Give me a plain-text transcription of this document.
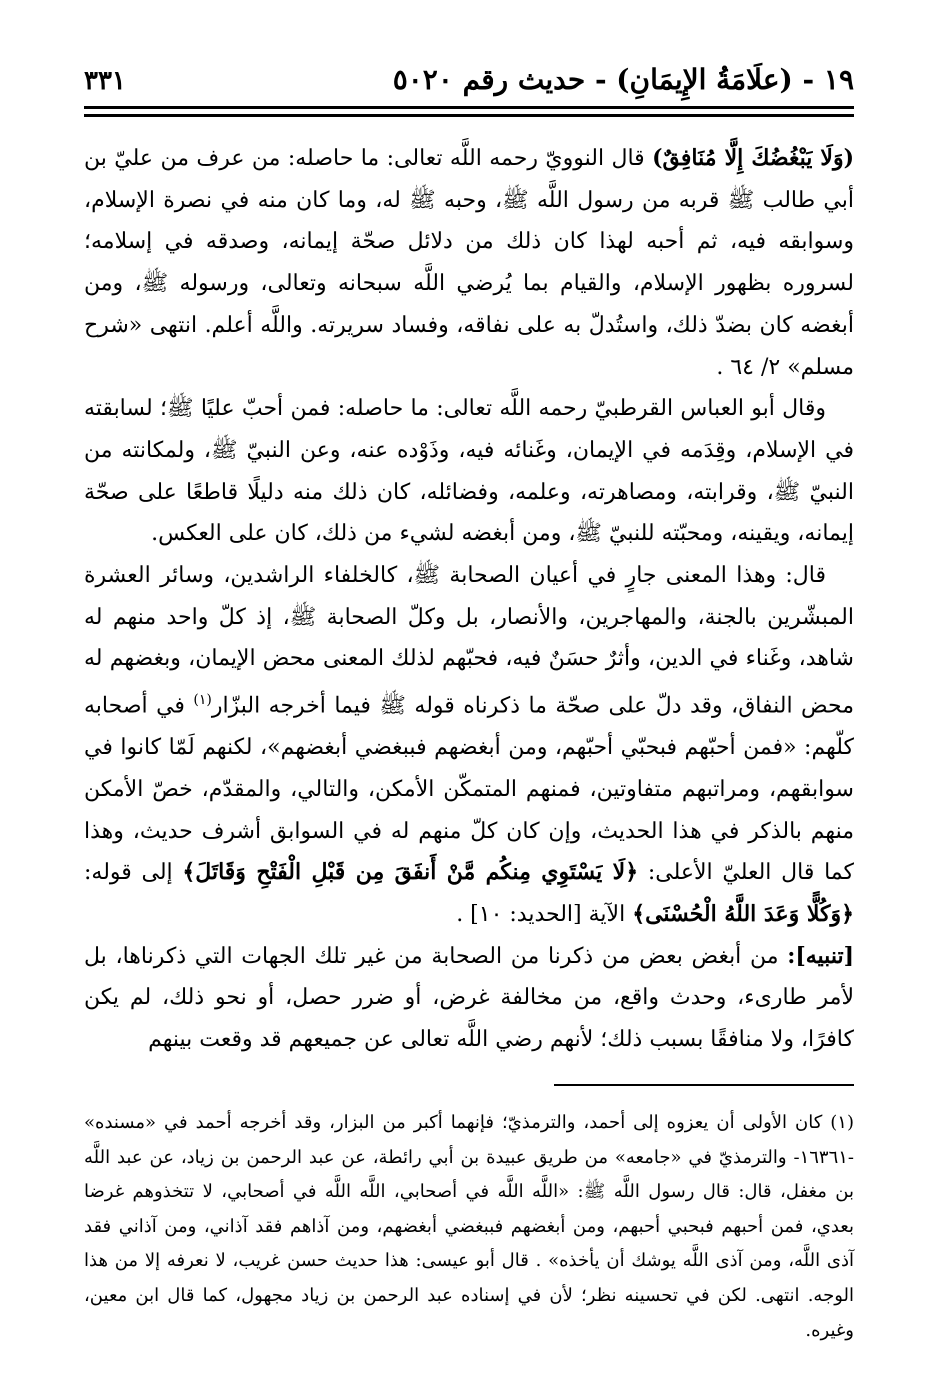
١٩ - (علَامَةُ الإِيمَانِ) - حديث رقم ٥٠٢٠
٣٣١

(وَلَا يَبْغُضُكَ إِلَّا مُنَافِقٌ) قال النوويّ رحمه اللَّه تعالى: ما حاصله: من عرف من عليّ بن أبي طالب ﷺ قربه من رسول اللَّه ﷺ، وحبه ﷺ له، وما كان منه في نصرة الإسلام، وسوابقه فيه، ثم أحبه لهذا كان ذلك من دلائل صحّة إيمانه، وصدقه في إسلامه؛ لسروره بظهور الإسلام، والقيام بما يُرضي اللَّه سبحانه وتعالى، ورسوله ﷺ، ومن أبغضه كان بضدّ ذلك، واستُدلّ به على نفاقه، وفساد سريرته. واللَّه أعلم. انتهى «شرح مسلم» ٢/ ٦٤ .

وقال أبو العباس القرطبيّ رحمه اللَّه تعالى: ما حاصله: فمن أحبّ عليًا ﷺ؛ لسابقته في الإسلام، وقِدَمه في الإيمان، وغَنائه فيه، وذَوْده عنه، وعن النبيّ ﷺ، ولمكانته من النبيّ ﷺ، وقرابته، ومصاهرته، وعلمه، وفضائله، كان ذلك منه دليلًا قاطعًا على صحّة إيمانه، ويقينه، ومحبّته للنبيّ ﷺ، ومن أبغضه لشيء من ذلك، كان على العكس.

قال: وهذا المعنى جارٍ في أعيان الصحابة ﷺ، كالخلفاء الراشدين، وسائر العشرة المبشّرين بالجنة، والمهاجرين، والأنصار، بل وكلّ الصحابة ﷺ، إذ كلّ واحد منهم له شاهد، وغَناء في الدين، وأثرٌ حسَنٌ فيه، فحبّهم لذلك المعنى محض الإيمان، وبغضهم له محض النفاق، وقد دلّ على صحّة ما ذكرناه قوله ﷺ فيما أخرجه البزّار$^{(١)}$ في أصحابه كلّهم: «فمن أحبّهم فبحبّي أحبّهم، ومن أبغضهم فببغضي أبغضهم»، لكنهم لَمّا كانوا في سوابقهم، ومراتبهم متفاوتين، فمنهم المتمكّن الأمكن، والتالي، والمقدّم، خصّ الأمكن منهم بالذكر في هذا الحديث، وإن كان كلّ منهم له في السوابق أشرف حديث، وهذا كما قال العليّ الأعلى: ﴿لَا يَسْتَوِي مِنكُم مَّنْ أَنفَقَ مِن قَبْلِ الْفَتْحِ وَقَاتَلَ﴾ إلى قوله: ﴿وَكُلًّا وَعَدَ اللَّهُ الْحُسْنَى﴾ الآية [الحديد: ١٠] .

[تنبيه]: من أبغض بعض من ذكرنا من الصحابة من غير تلك الجهات التي ذكرناها، بل لأمر طارىء، وحدث واقع، من مخالفة غرض، أو ضرر حصل، أو نحو ذلك، لم يكن كافرًا، ولا منافقًا بسبب ذلك؛ لأنهم رضي اللَّه تعالى عن جميعهم قد وقعت بينهم

(١) كان الأولى أن يعزوه إلى أحمد، والترمذيّ؛ فإنهما أكبر من البزار، وقد أخرجه أحمد في «مسنده» -١٦٣٦١- والترمذيّ في «جامعه» من طريق عبيدة بن أبي رائطة، عن عبد الرحمن بن زياد، عن عبد اللَّه بن مغفل، قال: قال رسول اللَّه ﷺ: «اللَّه اللَّه في أصحابي، اللَّه اللَّه في أصحابي، لا تتخذوهم غرضا بعدي، فمن أحبهم فبحبي أحبهم، ومن أبغضهم فببغضي أبغضهم، ومن آذاهم فقد آذاني، ومن آذاني فقد آذى اللَّه، ومن آذى اللَّه يوشك أن يأخذه» . قال أبو عيسى: هذا حديث حسن غريب، لا نعرفه إلا من هذا الوجه. انتهى. لكن في تحسينه نظر؛ لأن في إسناده عبد الرحمن بن زياد مجهول، كما قال ابن معين، وغيره.
